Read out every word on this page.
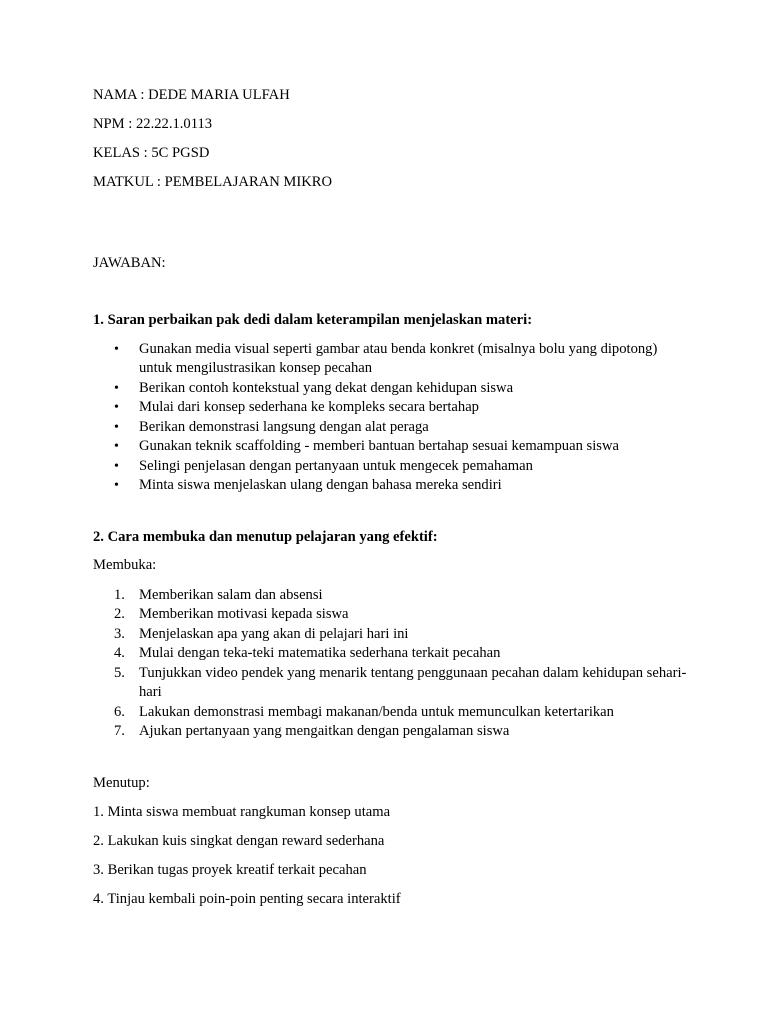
NAMA : DEDE MARIA ULFAH

NPM : 22.22.1.0113

KELAS : 5C PGSD

MATKUL : PEMBELAJARAN MIKRO

JAWABAN:

1. Saran perbaikan pak dedi dalam keterampilan menjelaskan materi:

• Gunakan media visual seperti gambar atau benda konkret (misalnya bolu yang dipotong) untuk mengilustrasikan konsep pecahan
• Berikan contoh kontekstual yang dekat dengan kehidupan siswa
• Mulai dari konsep sederhana ke kompleks secara bertahap
• Berikan demonstrasi langsung dengan alat peraga
• Gunakan teknik scaffolding - memberi bantuan bertahap sesuai kemampuan siswa
• Selingi penjelasan dengan pertanyaan untuk mengecek pemahaman
• Minta siswa menjelaskan ulang dengan bahasa mereka sendiri

2. Cara membuka dan menutup pelajaran yang efektif:

Membuka:

1. Memberikan salam dan absensi
2. Memberikan motivasi kepada siswa
3. Menjelaskan apa yang akan di pelajari hari ini
4. Mulai dengan teka-teki matematika sederhana terkait pecahan
5. Tunjukkan video pendek yang menarik tentang penggunaan pecahan dalam kehidupan sehari-hari
6. Lakukan demonstrasi membagi makanan/benda untuk memunculkan ketertarikan
7. Ajukan pertanyaan yang mengaitkan dengan pengalaman siswa

Menutup:

1. Minta siswa membuat rangkuman konsep utama

2. Lakukan kuis singkat dengan reward sederhana

3. Berikan tugas proyek kreatif terkait pecahan

4. Tinjau kembali poin-poin penting secara interaktif
